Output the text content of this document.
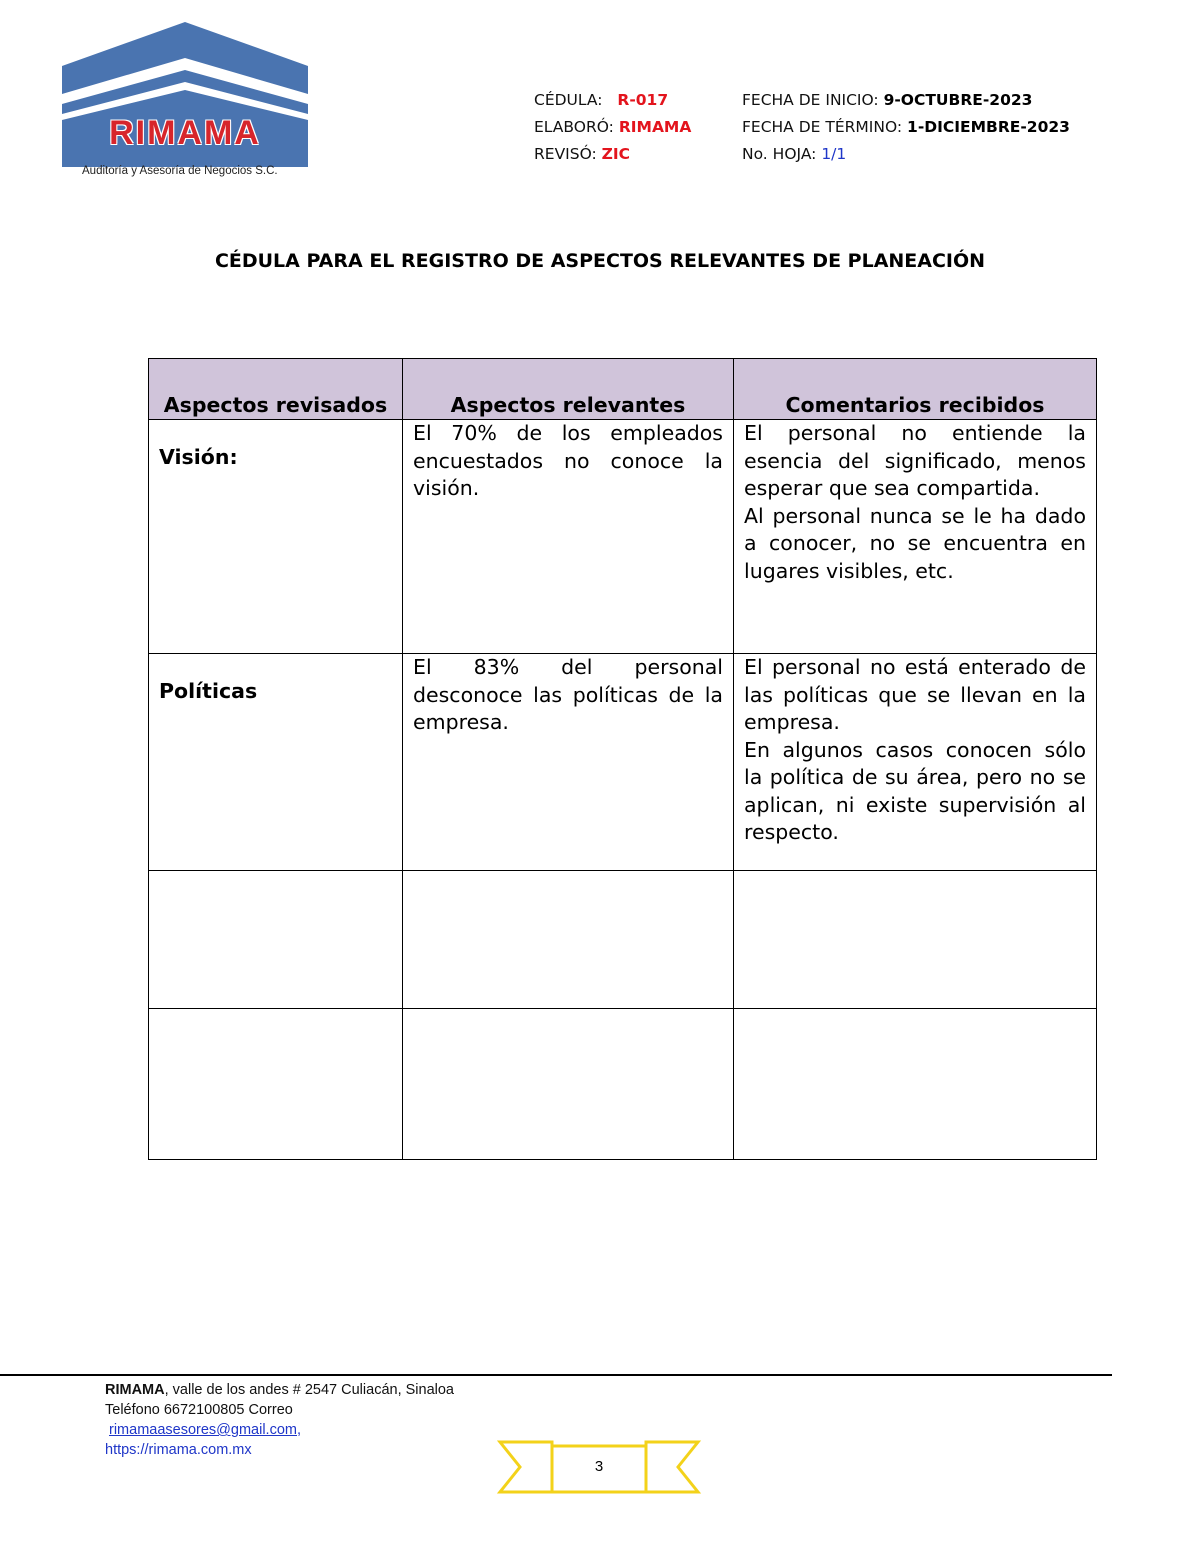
RIMAMA
Auditoría y Asesoría de Negocios S.C.
CÉDULA: R-017
ELABORÓ: RIMAMA
REVISÓ: ZIC
FECHA DE INICIO: 9-OCTUBRE-2023
FECHA DE TÉRMINO: 1-DICIEMBRE-2023
No. HOJA: 1/1
CÉDULA PARA EL REGISTRO DE ASPECTOS RELEVANTES DE PLANEACIÓN
Aspectos revisados	Aspectos relevantes	Comentarios recibidos
Visión:	El 70% de los empleados encuestados no conoce la visión.	El personal no entiende la esencia del significado, menos esperar que sea compartida.
Al personal nunca se le ha dado a conocer, no se encuentra en lugares visibles, etc.

Políticas	El 83% del personal desconoce las políticas de la empresa.	El personal no está enterado de las políticas que se llevan en la empresa.
En algunos casos conocen sólo la política de su área, pero no se aplican, ni existe supervisión al respecto.

RIMAMA, valle de los andes # 2547 Culiacán, Sinaloa
Teléfono 6672100805 Correo
rimamaasesores@gmail.com,
https://rimama.com.mx
3
